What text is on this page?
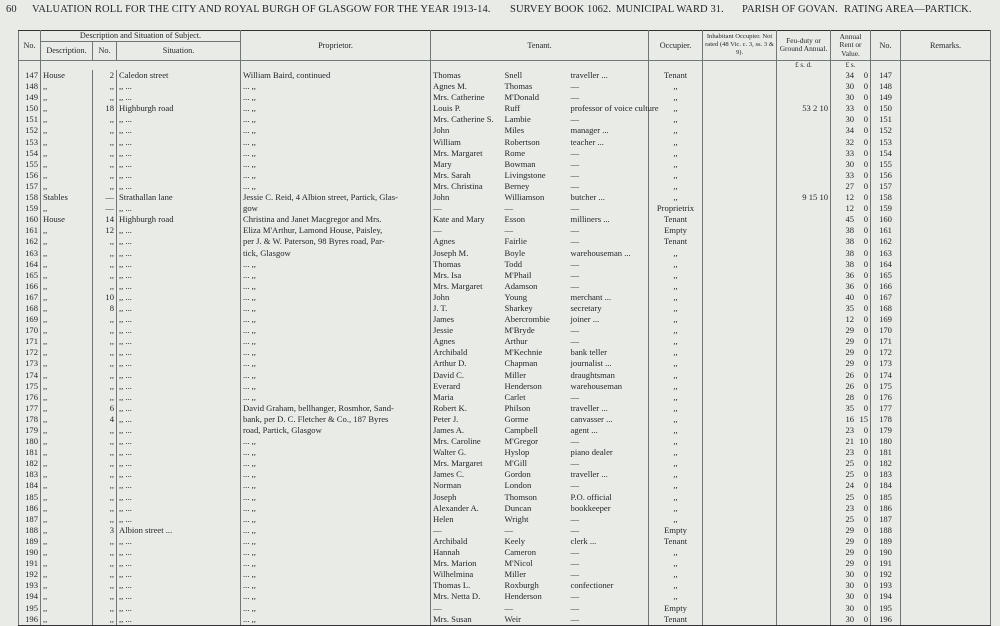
60 VALUATION ROLL FOR THE CITY AND ROYAL BURGH OF GLASGOW FOR THE YEAR 1913-14. SURVEY BOOK 1062. MUNICIPAL WARD 31. PARISH OF GOVAN. RATING AREA—PARTICK.
No.	Description and Situation of Subject.			Proprietor.	Tenant.			Occupier.	Inhabitant Occupier. Not rated (48 Vic. c. 3, ss. 3 & 9).	Feu-duty or Ground Annual.	Annual Rent or Value.	No.	Remarks.
	Description.	No.	Situation.										
										£ s. d.	£ s.		
147	House	2	Caledon street	William Baird, continued	Thomas	Snell	traveller ...	Tenant			34 0	147	
148	,,	,,	,, ...	... ,,	Agnes M.	Thomas	—	,,			30 0	148	
149	,,	,,	,, ...	... ,,	Mrs. Catherine	M'Donald	—	,,			30 0	149	
150	,,	18	Highburgh road	... ,,	Louis P.	Ruff	professor of voice culture	,,		53 2 10	33 0	150	
151	,,	,,	,, ...	... ,,	Mrs. Catherine S.	Lambie	—	,,			30 0	151	
152	,,	,,	,, ...	... ,,	John	Miles	manager ...	,,			34 0	152	
153	,,	,,	,, ...	... ,,	William	Robertson	teacher ...	,,			32 0	153	
154	,,	,,	,, ...	... ,,	Mrs. Margaret	Rome	—	,,			33 0	154	
155	,,	,,	,, ...	... ,,	Mary	Bowman	—	,,			30 0	155	
156	,,	,,	,, ...	... ,,	Mrs. Sarah	Livingstone	—	,,			33 0	156	
157	,,	,,	,, ...	... ,,	Mrs. Christina	Berney	—	,,			27 0	157	
158	Stables	—	Strathallan lane	Jessie C. Reid, 4 Albion street, Partick, Glas-	John	Williamson	butcher ...	,,		9 15 10	12 0	158	
159	,,	—	,, ...	gow	—	—	—	Proprietrix			12 0	159	
160	House	14	Highburgh road	Christina and Janet Macgregor and Mrs.	Kate and Mary	Esson	milliners ...	Tenant			45 0	160	
161	,,	12	,, ...	Eliza M'Arthur, Lamond House, Paisley,	—	—	—	Empty			38 0	161	
162	,,	,,	,, ...	per J. & W. Paterson, 98 Byres road, Par-	Agnes	Fairlie	—	Tenant			38 0	162	
163	,,	,,	,, ...	tick, Glasgow	Joseph M.	Boyle	warehouseman ...	,,			38 0	163	
164	,,	,,	,, ...	... ,,	Thomas	Todd	—	,,			38 0	164	
165	,,	,,	,, ...	... ,,	Mrs. Isa	M'Phail	—	,,			36 0	165	
166	,,	,,	,, ...	... ,,	Mrs. Margaret	Adamson	—	,,			36 0	166	
167	,,	10	,, ...	... ,,	John	Young	merchant ...	,,			40 0	167	
168	,,	8	,, ...	... ,,	J. T.	Sharkey	secretary	,,			35 0	168	
169	,,	,,	,, ...	... ,,	James	Abercrombie	joiner ...	,,			12 0	169	
170	,,	,,	,, ...	... ,,	Jessie	M'Bryde	—	,,			29 0	170	
171	,,	,,	,, ...	... ,,	Agnes	Arthur	—	,,			29 0	171	
172	,,	,,	,, ...	... ,,	Archibald	M'Kechnie	bank teller	,,			29 0	172	
173	,,	,,	,, ...	... ,,	Arthur D.	Chapman	journalist ...	,,			29 0	173	
174	,,	,,	,, ...	... ,,	David C.	Miller	draughtsman	,,			26 0	174	
175	,,	,,	,, ...	... ,,	Everard	Henderson	warehouseman	,,			26 0	175	
176	,,	,,	,, ...	... ,,	Maria	Carlet	—	,,			28 0	176	
177	,,	6	,, ...	David Graham, bellhanger, Rosmhor, Sand-	Robert K.	Philson	traveller ...	,,			35 0	177	
178	,,	4	,, ...	bank, per D. C. Fletcher & Co., 187 Byres	Peter J.	Gorme	canvasser ...	,,			16 15	178	
179	,,	,,	,, ...	road, Partick, Glasgow	James A.	Campbell	agent ...	,,			23 0	179	
180	,,	,,	,, ...	... ,,	Mrs. Caroline	M'Gregor	—	,,			21 10	180	
181	,,	,,	,, ...	... ,,	Walter G.	Hyslop	piano dealer	,,			23 0	181	
182	,,	,,	,, ...	... ,,	Mrs. Margaret	M'Gill	—	,,			25 0	182	
183	,,	,,	,, ...	... ,,	James C.	Gordon	traveller ...	,,			25 0	183	
184	,,	,,	,, ...	... ,,	Norman	London	—	,,			24 0	184	
185	,,	,,	,, ...	... ,,	Joseph	Thomson	P.O. official	,,			25 0	185	
186	,,	,,	,, ...	... ,,	Alexander A.	Duncan	bookkeeper	,,			23 0	186	
187	,,	,,	,, ...	... ,,	Helen	Wright	—	,,			25 0	187	
188	,,	3	Albion street ...	... ,,	—	—	—	Empty			29 0	188	
189	,,	,,	,, ...	... ,,	Archibald	Keely	clerk ...	Tenant			29 0	189	
190	,,	,,	,, ...	... ,,	Hannah	Cameron	—	,,			29 0	190	
191	,,	,,	,, ...	... ,,	Mrs. Marion	M'Nicol	—	,,			29 0	191	
192	,,	,,	,, ...	... ,,	Wilhelmina	Miller	—	,,			30 0	192	
193	,,	,,	,, ...	... ,,	Thomas L.	Roxburgh	confectioner	,,			30 0	193	
194	,,	,,	,, ...	... ,,	Mrs. Netta D.	Henderson	—	,,			30 0	194	
195	,,	,,	,, ...	... ,,	—	—	—	Empty			30 0	195	
196	,,	,,	,, ...	... ,,	Mrs. Susan	Weir	—	Tenant			30 0	196	
